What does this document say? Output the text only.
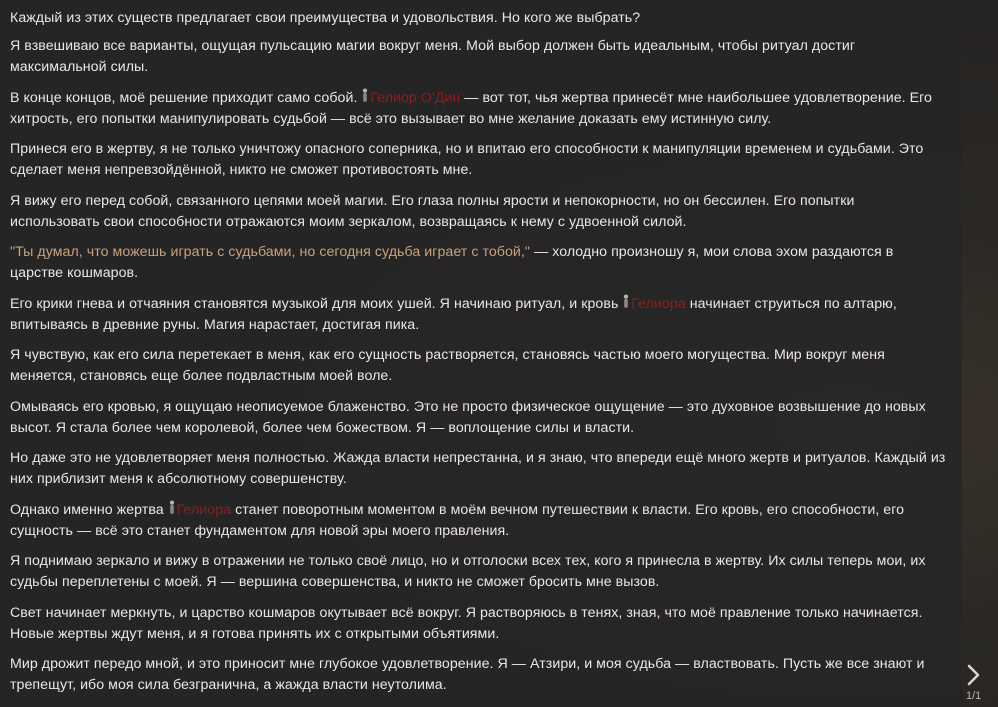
Каждый из этих существ предлагает свои преимущества и удовольствия. Но кого же выбрать?

Я взвешиваю все варианты, ощущая пульсацию магии вокруг меня. Мой выбор должен быть идеальным, чтобы ритуал достиг максимальной силы.

В конце концов, моё решение приходит само собой. Гелиор О'Дин — вот тот, чья жертва принесёт мне наибольшее удовлетворение. Его хитрость, его попытки манипулировать судьбой — всё это вызывает во мне желание доказать ему истинную силу.

Принеся его в жертву, я не только уничтожу опасного соперника, но и впитаю его способности к манипуляции временем и судьбами. Это сделает меня непревзойдённой, никто не сможет противостоять мне.

Я вижу его перед собой, связанного цепями моей магии. Его глаза полны ярости и непокорности, но он бессилен. Его попытки использовать свои способности отражаются моим зеркалом, возвращаясь к нему с удвоенной силой.

"Ты думал, что можешь играть с судьбами, но сегодня судьба играет с тобой," — холодно произношу я, мои слова эхом раздаются в царстве кошмаров.

Его крики гнева и отчаяния становятся музыкой для моих ушей. Я начинаю ритуал, и кровь Гелиора начинает струиться по алтарю, впитываясь в древние руны. Магия нарастает, достигая пика.

Я чувствую, как его сила перетекает в меня, как его сущность растворяется, становясь частью моего могущества. Мир вокруг меня меняется, становясь еще более подвластным моей воле.

Омываясь его кровью, я ощущаю неописуемое блаженство. Это не просто физическое ощущение — это духовное возвышение до новых высот. Я стала более чем королевой, более чем божеством. Я — воплощение силы и власти.

Но даже это не удовлетворяет меня полностью. Жажда власти непрестанна, и я знаю, что впереди ещё много жертв и ритуалов. Каждый из них приблизит меня к абсолютному совершенству.

Однако именно жертва Гелиора станет поворотным моментом в моём вечном путешествии к власти. Его кровь, его способности, его сущность — всё это станет фундаментом для новой эры моего правления.

Я поднимаю зеркало и вижу в отражении не только своё лицо, но и отголоски всех тех, кого я принесла в жертву. Их силы теперь мои, их судьбы переплетены с моей. Я — вершина совершенства, и никто не сможет бросить мне вызов.

Свет начинает меркнуть, и царство кошмаров окутывает всё вокруг. Я растворяюсь в тенях, зная, что моё правление только начинается. Новые жертвы ждут меня, и я готова принять их с открытыми объятиями.

Мир дрожит передо мной, и это приносит мне глубокое удовлетворение. Я — Атзири, и моя судьба — властвовать. Пусть же все знают и трепещут, ибо моя сила безгранична, а жажда власти неутолима.

1/1
